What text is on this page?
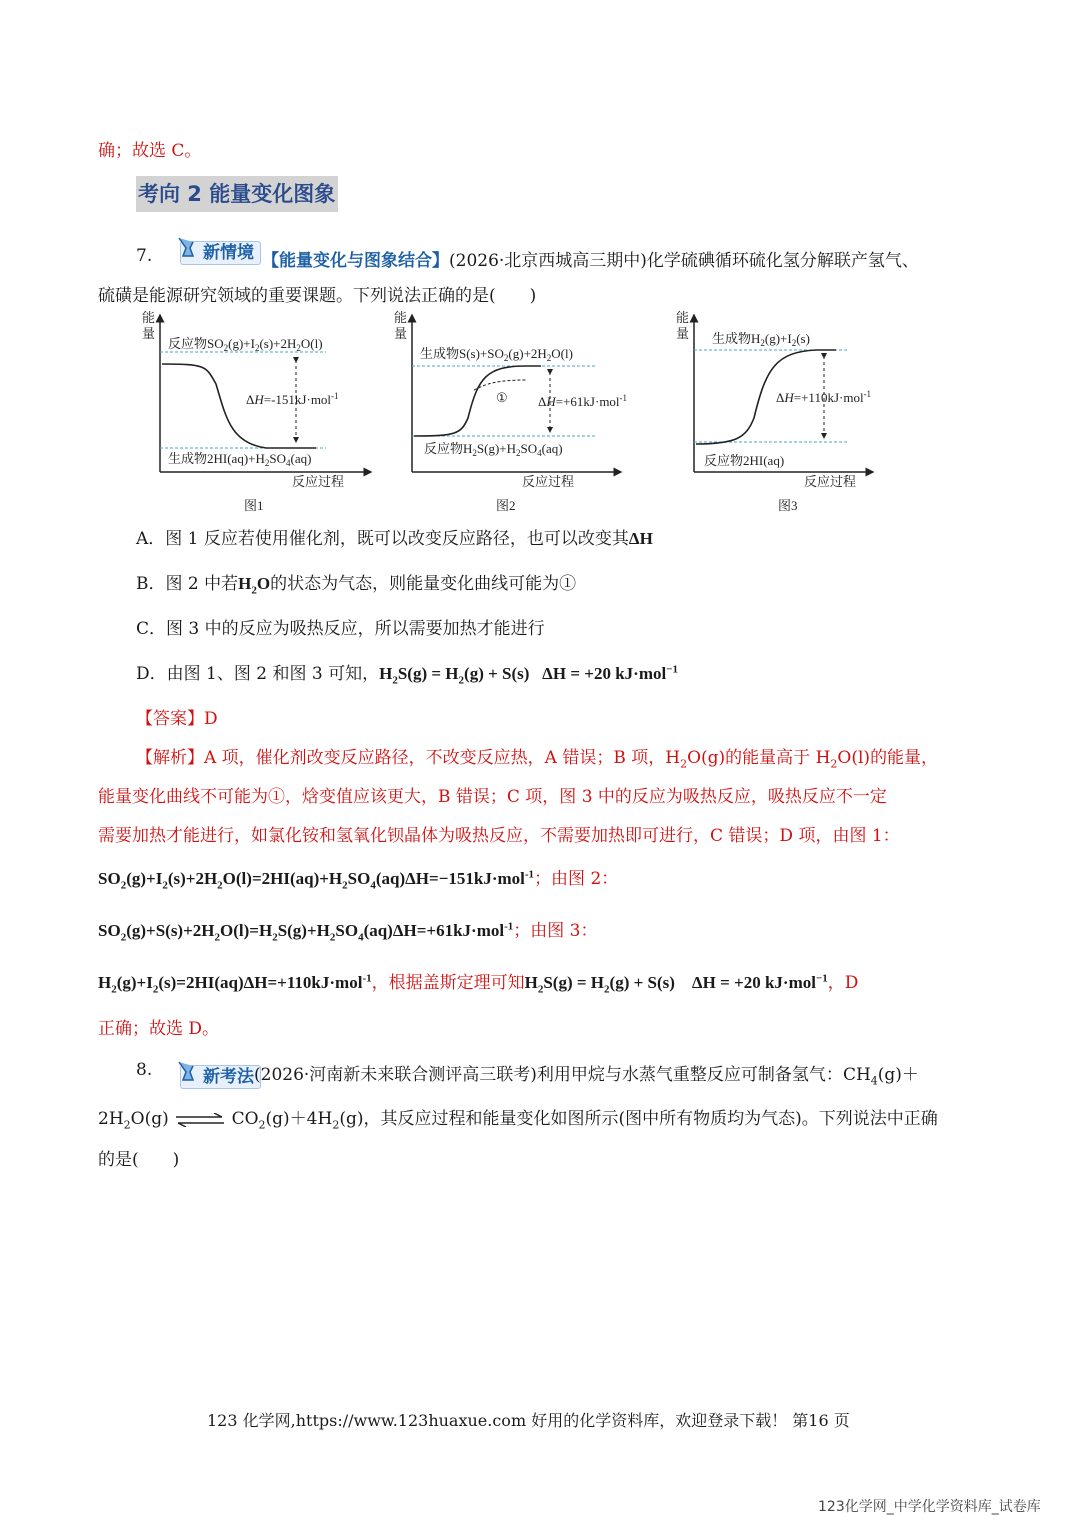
确；故选 C。
考向 2 能量变化图象
7.	新情境 【能量变化与图象结合】(2026·北京西城高三期中)化学硫碘循环硫化氢分解联产氢气、
硫磺是能源研究领域的重要课题。下列说法正确的是(　　)
能
量
反应物$SO_2(g)+I_2(s)+2H_2O(l)$
ΔH=-151kJ·mol$^{-1}$
生成物$2HI(aq)+H_2SO_4(aq)$
反应过程
图1
能
量
生成物$S(s)+SO_2(g)+2H_2O(l)$
① ΔH=+61kJ·mol$^{-1}$
反应物$H_2S(g)+H_2SO_4(aq)$
反应过程
图2
能
量 生成物$H_2(g)+I_2(s)$
ΔH=+110kJ·mol$^{-1}$
反应物2HI(aq)
反应过程
图3
A．图 1 反应若使用催化剂，既可以改变反应路径，也可以改变其ΔH
B．图 2 中若$H_2O$的状态为气态，则能量变化曲线可能为①
C．图 3 中的反应为吸热反应，所以需要加热才能进行
D．由图 1、图 2 和图 3 可知，$H_2S(g) = H_2(g) + S(s) \Delta H = +20$ kJ·mol$^{-1}$
【答案】D
【解析】A 项，催化剂改变反应路径，不改变反应热，A 错误；B 项，$H_2O(g)$的能量高于 $H_2O(l)$的能量，
能量变化曲线不可能为①，焓变值应该更大，B 错误；C 项，图 3 中的反应为吸热反应，吸热反应不一定
需要加热才能进行，如氯化铵和氢氧化钡晶体为吸热反应，不需要加热即可进行，C 错误；D 项，由图 1：
$SO_2(g)+I_2(s)+2H_2O(l)=2HI(aq)+H_2SO_4(aq)\Delta H=-151kJ\cdot mol^{-1}$；由图 2：
$SO_2(g)+S(s)+2H_2O(l)=H_2S(g)+H_2SO_4(aq)\Delta H=+61kJ\cdot mol^{-1}$；由图 3：
$H_2(g)+I_2(s)=2HI(aq)\Delta H=+110kJ\cdot mol^{-1}$，根据盖斯定理可知$H_2S(g) = H_2(g) + S(s)$    ΔH = +20 kJ·mol$^{-1}$，D
正确；故选 D。
8.	新考法 (2026·河南新未来联合测评高三联考)利用甲烷与水蒸气重整反应可制备氢气：$CH_4(g)+$
$2H_2O(g)$ ⇌ $CO_2(g)+4H_2(g)$，其反应过程和能量变化如图所示(图中所有物质均为气态)。下列说法中正确
的是(　　)
123 化学网,https://www.123huaxue.com 好用的化学资料库，欢迎登录下载！ 第16 页
123化学网_中学化学资料库_试卷库
